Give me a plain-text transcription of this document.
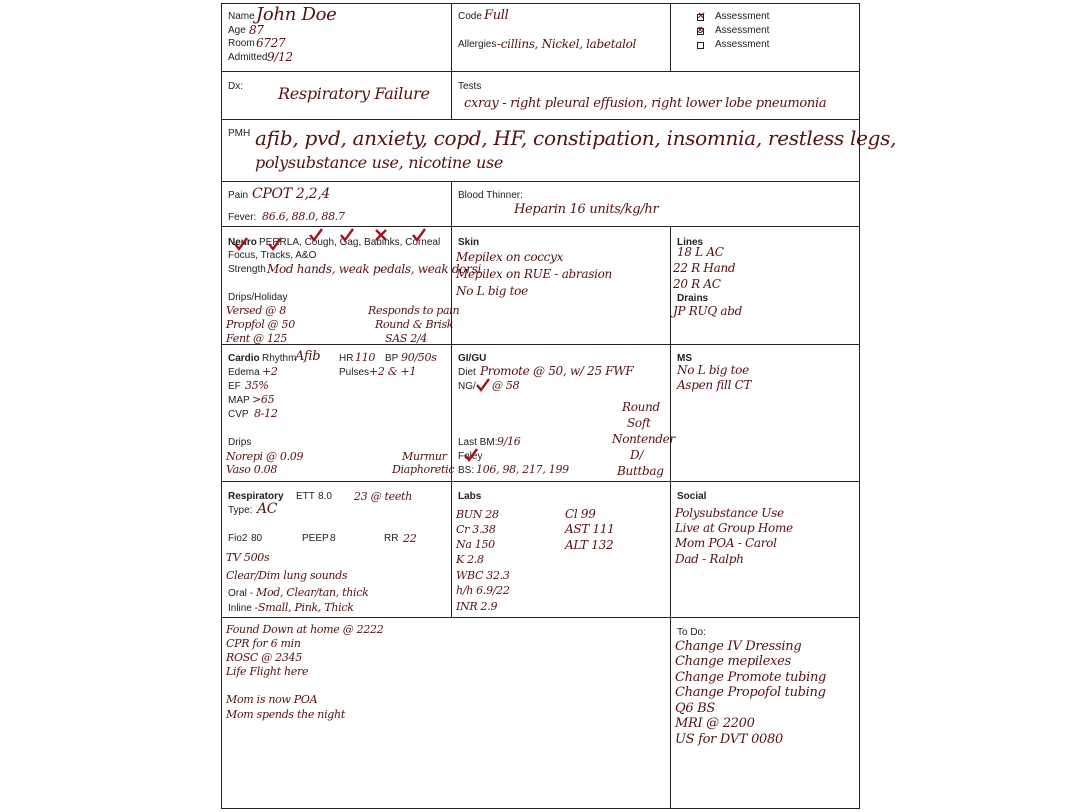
Name John Doe
Age 87
Room 6727
Admitted 9/12
Code Full
Allergies -cillins, Nickel, labetalol
✕ Assessment
⊗ Assessment
Assessment
Dx: Respiratory Failure	Tests
cxray - right pleural effusion, right lower lobe pneumonia
PMH afib, pvd, anxiety, copd, HF, constipation, insomnia, restless legs,
polysubstance use, nicotine use
Pain CPOT 2,2,4
Fever: 86.6, 88.0, 88.7
Blood Thinner:
Heparin 16 units/kg/hr
Neuro PERRLA, Cough, Gag, Babinks, Corneal
Focus, Tracks, A&O
Strength Mod hands, weak pedals, weak dorsi
Drips/Holiday
Versed @ 8
Propfol @ 50
Fent @ 125
Responds to pain
Round & Brisk
SAS 2/4
Skin
Mepilex on coccyx
Mepilex on RUE - abrasion
No L big toe
Lines
18 L AC
22 R Hand
20 R AC
Drains
JP RUQ abd
Cardio Rhythm
Afib HR 110 BP 90/50s
Edema +2	Pulses +2 & +1
EF 35%
MAP >65
CVP 8-12
Drips
Norepi @ 0.09
Vaso 0.08
Murmur
Diaphoretic
GI/GU
Diet Promote @ 50, w/ 25 FWF
NG/ @ 58
Round
Soft
Nontender
D/
Buttbag
Last BM: 9/16
Foley
BS: 106, 98, 217, 199
MS
No L big toe
Aspen fill CT
Respiratory ETT 8.0 23 @ teeth
Type: AC
Fio2 80	PEEP 8	RR 22
TV 500s
Clear/Dim lung sounds
Oral - Mod, Clear/tan, thick
Inline - Small, Pink, Thick
Labs
BUN 28
Cr 3.38
Na 150
K 2.8
WBC 32.3
h/h 6.9/22
INR 2.9
Cl 99
AST 111
ALT 132
Social
Polysubstance Use
Live at Group Home
Mom POA - Carol
Dad - Ralph
Found Down at home @ 2222
CPR for 6 min
ROSC @ 2345
Life Flight here
Mom is now POA
Mom spends the night
To Do:
Change IV Dressing
Change mepilexes
Change Promote tubing
Change Propofol tubing
Q6 BS
MRI @ 2200
US for DVT 0080
